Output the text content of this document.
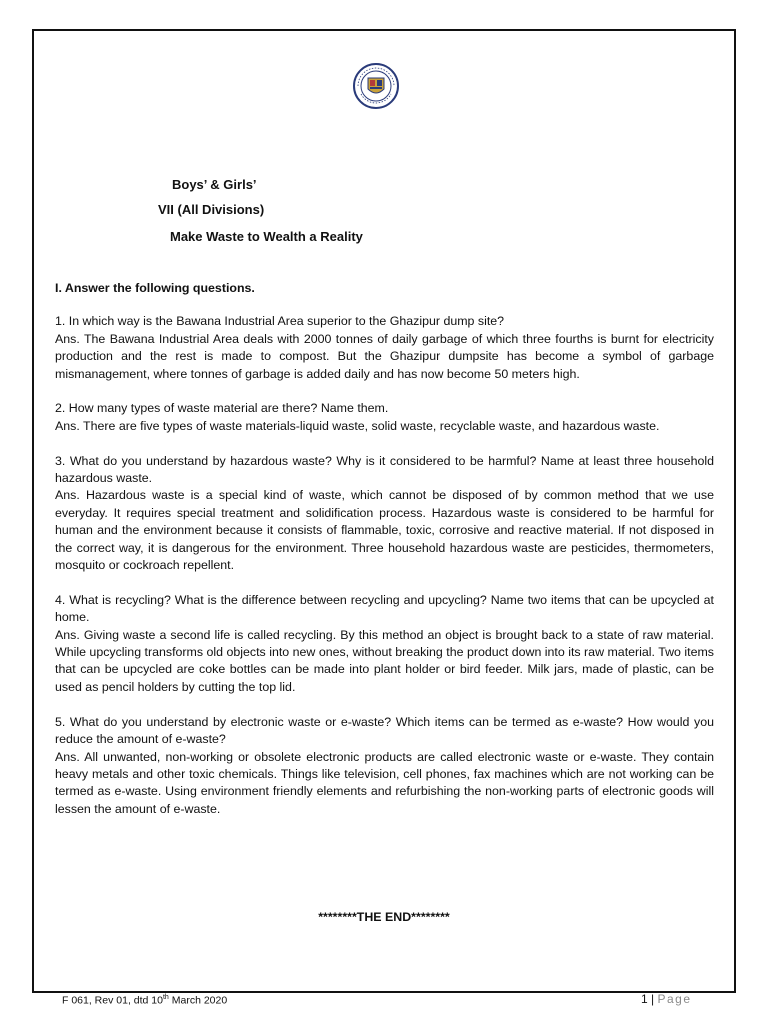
Boys’ & Girls’
VII (All Divisions)
Make Waste to Wealth a Reality
I. Answer the following questions.

1. In which way is the Bawana Industrial Area superior to the Ghazipur dump site?

Ans. The Bawana Industrial Area deals with 2000 tonnes of daily garbage of which three fourths is burnt for electricity production and the rest is made to compost. But the Ghazipur dumpsite has become a symbol of garbage mismanagement, where tonnes of garbage is added daily and has now become 50 meters high.

2. How many types of waste material are there? Name them.

Ans. There are five types of waste materials-liquid waste, solid waste, recyclable waste, and hazardous waste.

3. What do you understand by hazardous waste? Why is it considered to be harmful? Name at least three household hazardous waste.

Ans. Hazardous waste is a special kind of waste, which cannot be disposed of by common method that we use everyday. It requires special treatment and solidification process. Hazardous waste is considered to be harmful for human and the environment because it consists of flammable, toxic, corrosive and reactive material. If not disposed in the correct way, it is dangerous for the environment. Three household hazardous waste are pesticides, thermometers, mosquito or cockroach repellent.

4. What is recycling? What is the difference between recycling and upcycling? Name two items that can be upcycled at home.

Ans. Giving waste a second life is called recycling. By this method an object is brought back to a state of raw material. While upcycling transforms old objects into new ones, without breaking the product down into its raw material. Two items that can be upcycled are coke bottles can be made into plant holder or bird feeder. Milk jars, made of plastic, can be used as pencil holders by cutting the top lid.

5. What do you understand by electronic waste or e-waste? Which items can be termed as e-waste? How would you reduce the amount of e-waste?

Ans. All unwanted, non-working or obsolete electronic products are called electronic waste or e-waste. They contain heavy metals and other toxic chemicals. Things like television, cell phones, fax machines which are not working can be termed as e-waste. Using environment friendly elements and refurbishing the non-working parts of electronic goods will lessen the amount of e-waste.

********THE END********
F 061, Rev 01, dtd 10th March 2020	1 | Page
